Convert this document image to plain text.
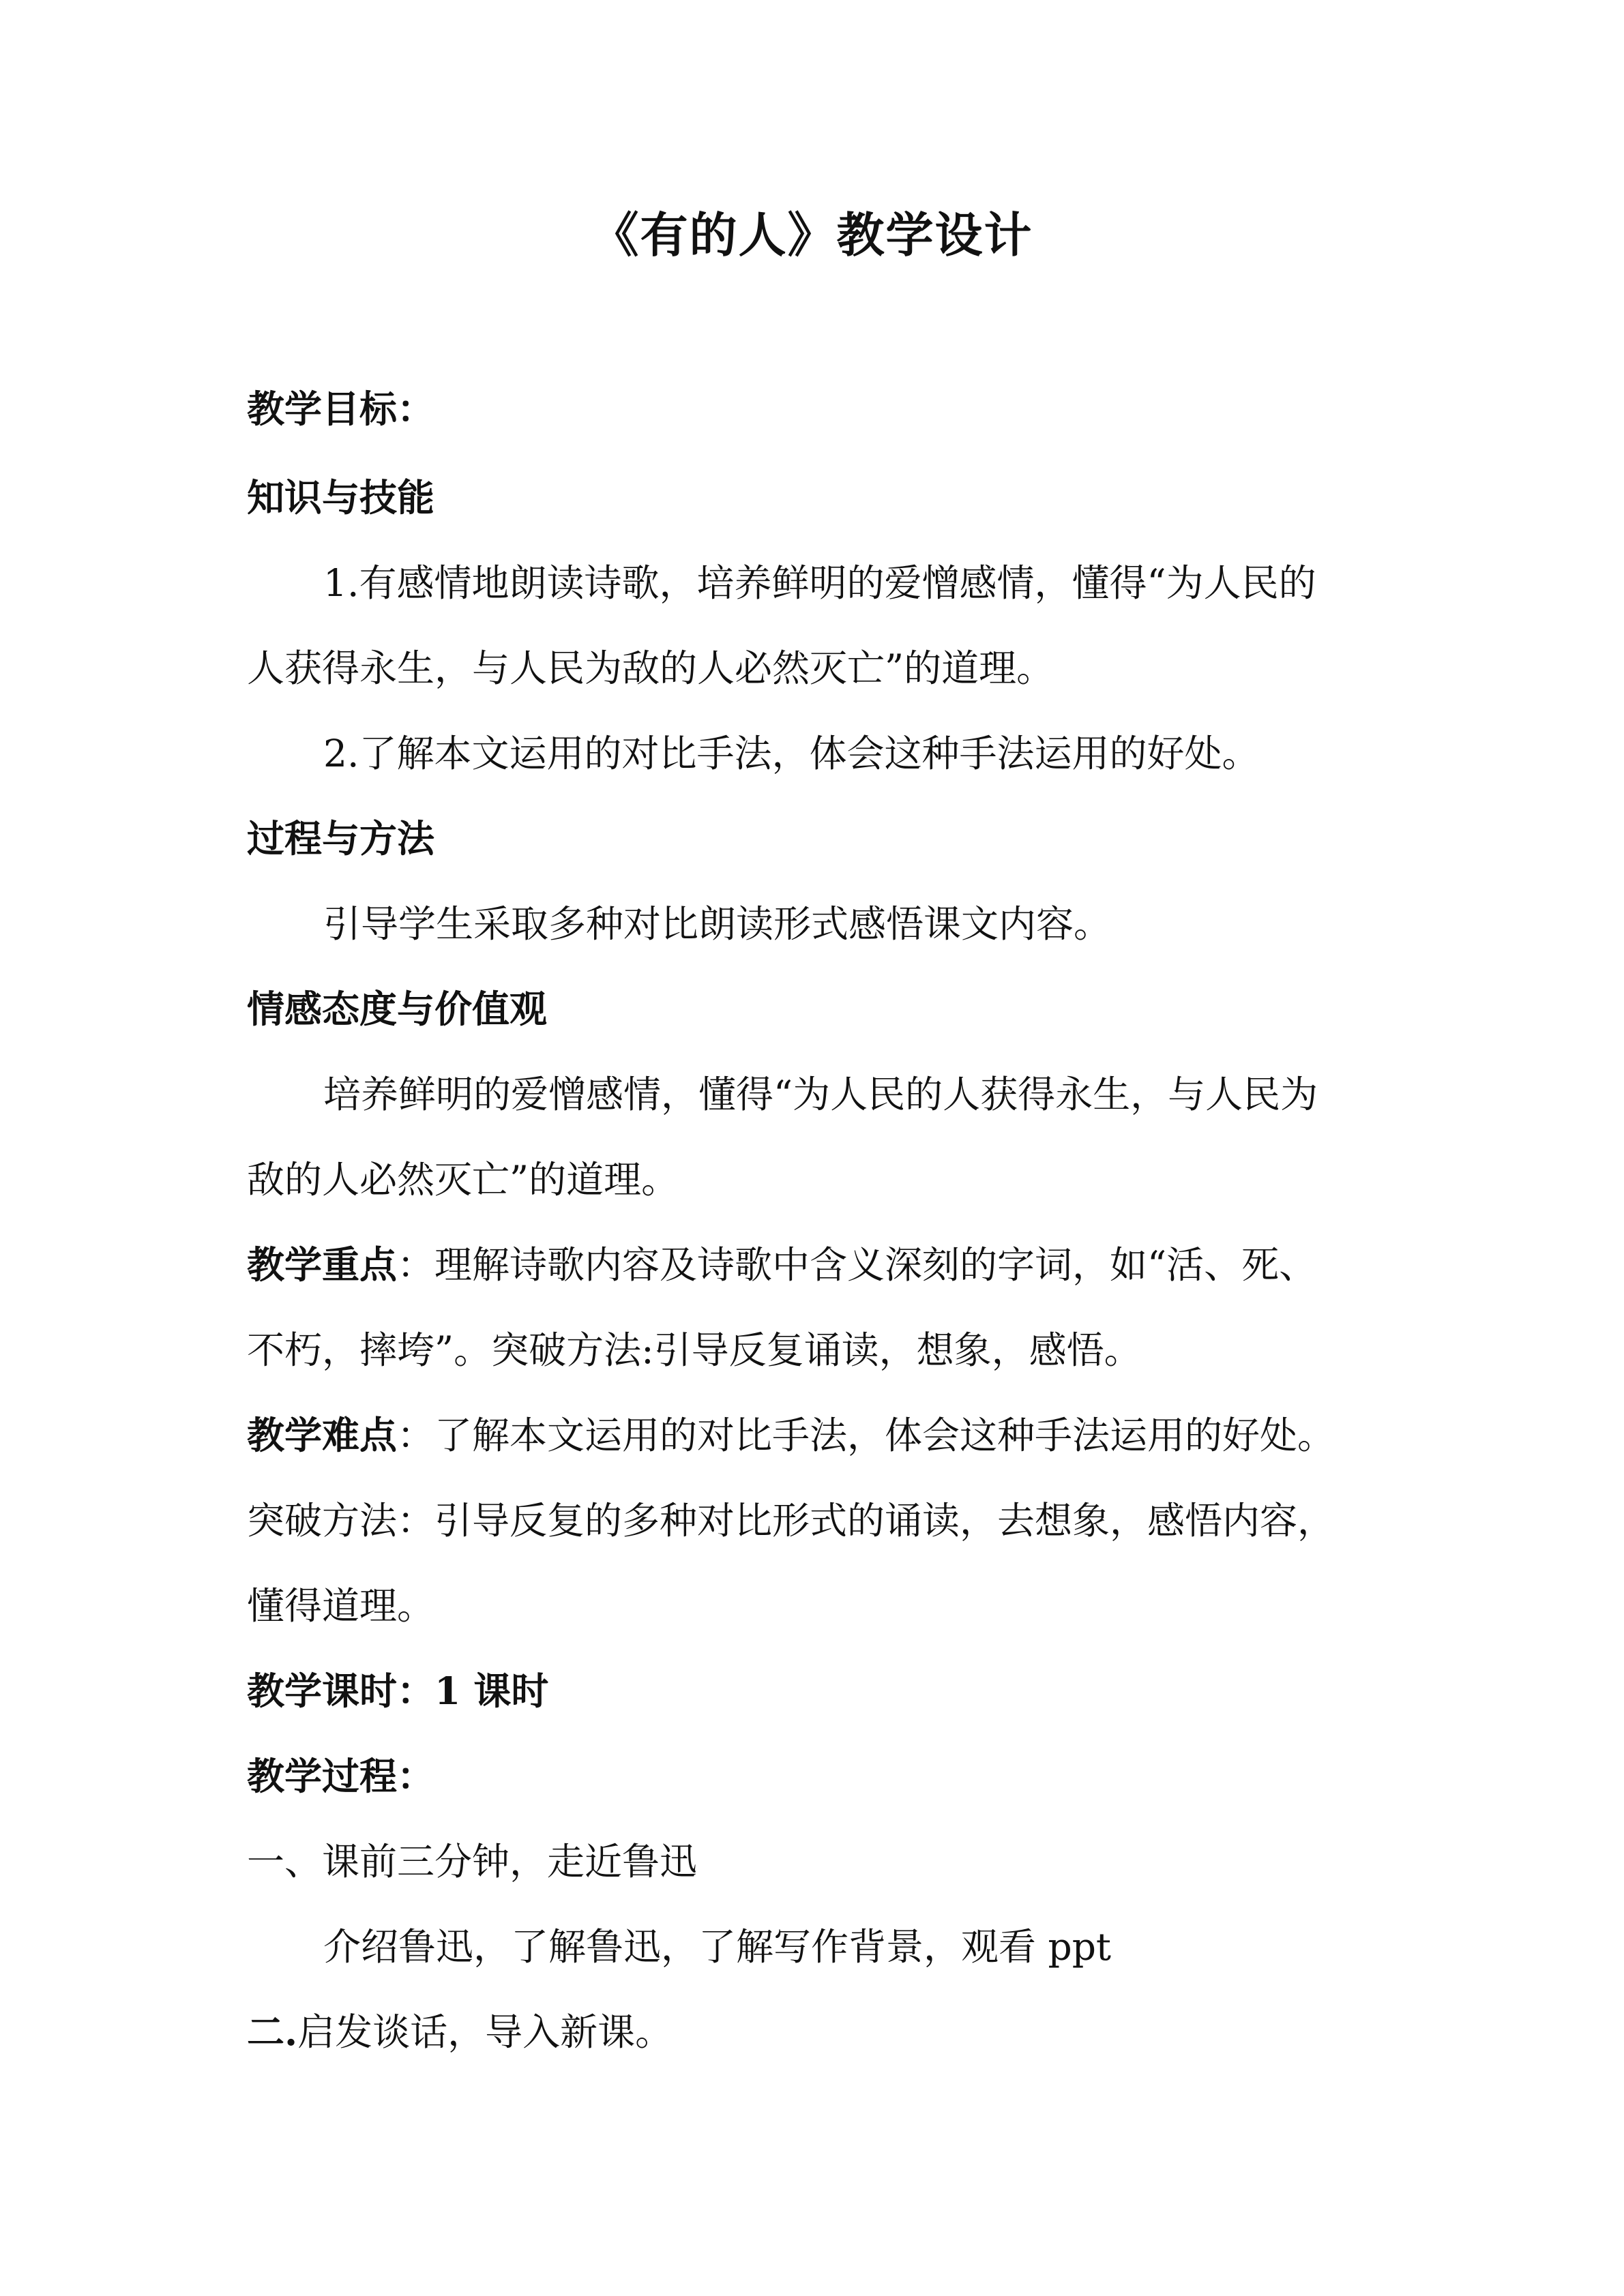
《有的人》教学设计
教学目标：
知识与技能
1.有感情地朗读诗歌，培养鲜明的爱憎感情，懂得“为人民的
人获得永生，与人民为敌的人必然灭亡”的道理。
2.了解本文运用的对比手法，体会这种手法运用的好处。
过程与方法
引导学生采取多种对比朗读形式感悟课文内容。
情感态度与价值观
培养鲜明的爱憎感情，懂得“为人民的人获得永生，与人民为
敌的人必然灭亡”的道理。
教学重点：理解诗歌内容及诗歌中含义深刻的字词，如“活、死、
不朽，摔垮”。突破方法:引导反复诵读，想象，感悟。
教学难点：了解本文运用的对比手法，体会这种手法运用的好处。
突破方法：引导反复的多种对比形式的诵读，去想象，感悟内容，
懂得道理。
教学课时：1 课时
教学过程：
一、课前三分钟，走近鲁迅
介绍鲁迅，了解鲁迅，了解写作背景，观看 ppt
二.启发谈话，导入新课。
